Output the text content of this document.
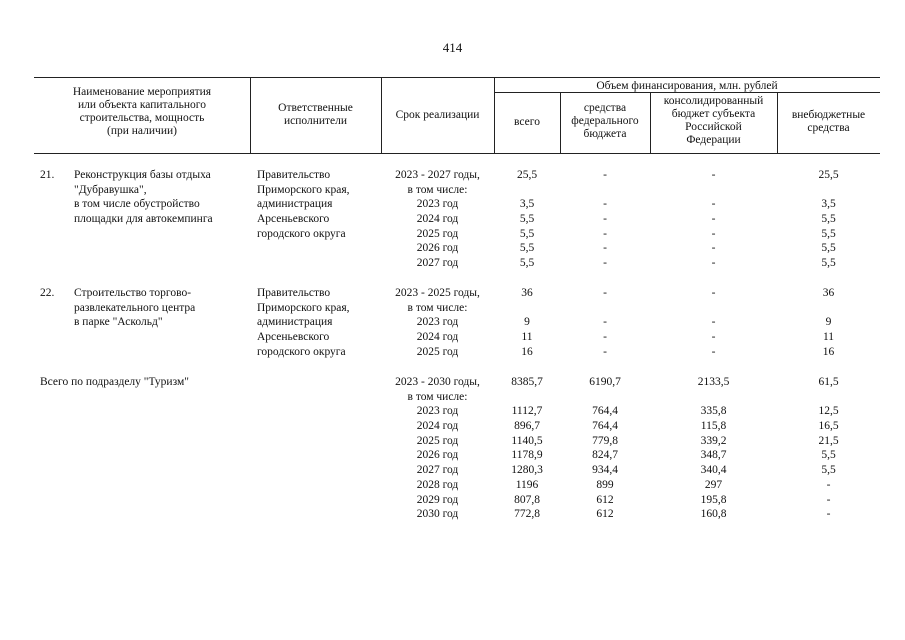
414
Наименование мероприятия
или объекта капитального
строительства, мощность
(при наличии)
Ответственные
исполнители	Срок реализации
Объем финансирования, млн. рублей
всего
средства
федерального
бюджета
консолидированный
бюджет субъекта
Российской
Федерации
внебюджетные
средства
21. Реконструкция базы отдыха
"Дубравушка",
в том числе обустройство
площадки для автокемпинга
Правительство
Приморского края,
администрация
Арсеньевского
городского округа
2023 - 2027 годы,
в том числе:
2023 год
2024 год
2025 год
2026 год
2027 год
25,5
3,5
5,5
5,5
5,5
5,5
-
-
-
-
-
-
-
-
-
-
-
-
25,5
3,5
5,5
5,5
5,5
5,5
22. Строительство торгово-
развлекательного центра
в парке "Аскольд"
Правительство
Приморского края,
администрация
Арсеньевского
городского округа
2023 - 2025 годы,
в том числе:
2023 год
2024 год
2025 год
36
9
11
16
-
-
-
-
-
-
-
-
36
9
11
16
Всего по подразделу "Туризм"	2023 - 2030 годы,
в том числе:
2023 год
2024 год
2025 год
2026 год
2027 год
2028 год
2029 год
2030 год
8385,7
1112,7
896,7
1140,5
1178,9
1280,3
1196
807,8
772,8
6190,7
764,4
764,4
779,8
824,7
934,4
899
612
612
2133,5
335,8
115,8
339,2
348,7
340,4
297
195,8
160,8
61,5
12,5
16,5
21,5
5,5
5,5
-
-
-
